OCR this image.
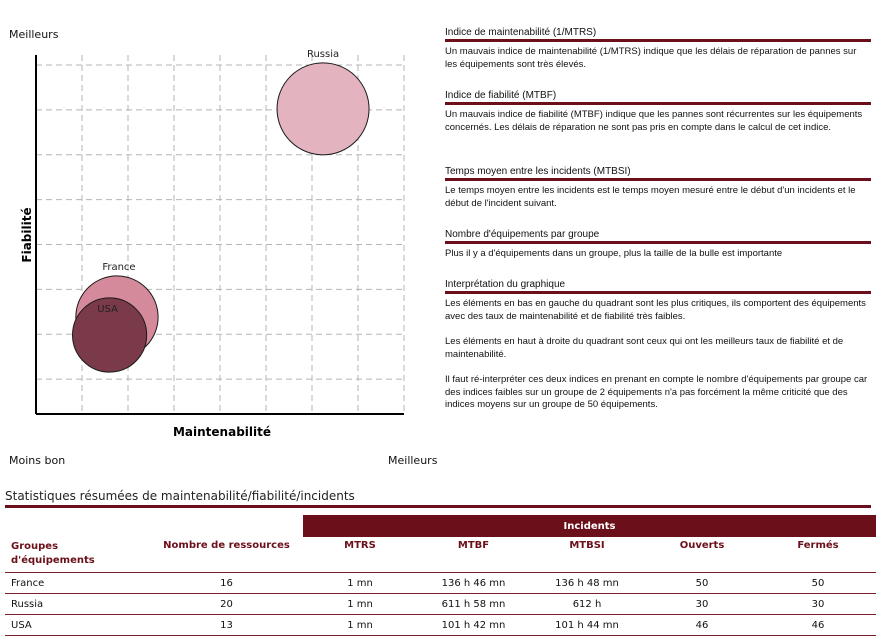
Meilleurs
Moins bon	Meilleurs
Maintenabilité
Fiabilité
Russia
France
USA
Indice de maintenabilité (1/MTRS)

Un mauvais indice de maintenabilité (1/MTRS) indique que les délais de réparation de pannes sur les équipements sont très élevés.

Indice de fiabilité (MTBF)

Un mauvais indice de fiabilité (MTBF) indique que les pannes sont récurrentes sur les équipements concernés. Les délais de réparation ne sont pas pris en compte dans le calcul de cet indice.

Temps moyen entre les incidents (MTBSI)

Le temps moyen entre les incidents est le temps moyen mesuré entre le début d'un incidents et le début de l'incident suivant.

Nombre d'équipements par groupe

Plus il y a d'équipements dans un groupe, plus la taille de la bulle est importante

Interprétation du graphique

Les éléments en bas en gauche du quadrant sont les plus critiques, ils comportent des équipements avec des taux de maintenabilité et de fiabilité très faibles.

Les éléments en haut à droite du quadrant sont ceux qui ont les meilleurs taux de fiabilité et de maintenabilité.

Il faut ré-interpréter ces deux indices en prenant en compte le nombre d'équipements par groupe car des indices faibles sur un groupe de 2 équipements n'a pas forcément la même criticité que des indices moyens sur un groupe de 50 équipements.

Statistiques résumées de maintenabilité/fiabilité/incidents
		Incidents				
Groupes d'équipements	Nombre de ressources	MTRS	MTBF	MTBSI	Ouverts	Fermés
France	16	1 mn	136 h 46 mn	136 h 48 mn	50	50
Russia	20	1 mn	611 h 58 mn	612 h	30	30
USA	13	1 mn	101 h 42 mn	101 h 44 mn	46	46
